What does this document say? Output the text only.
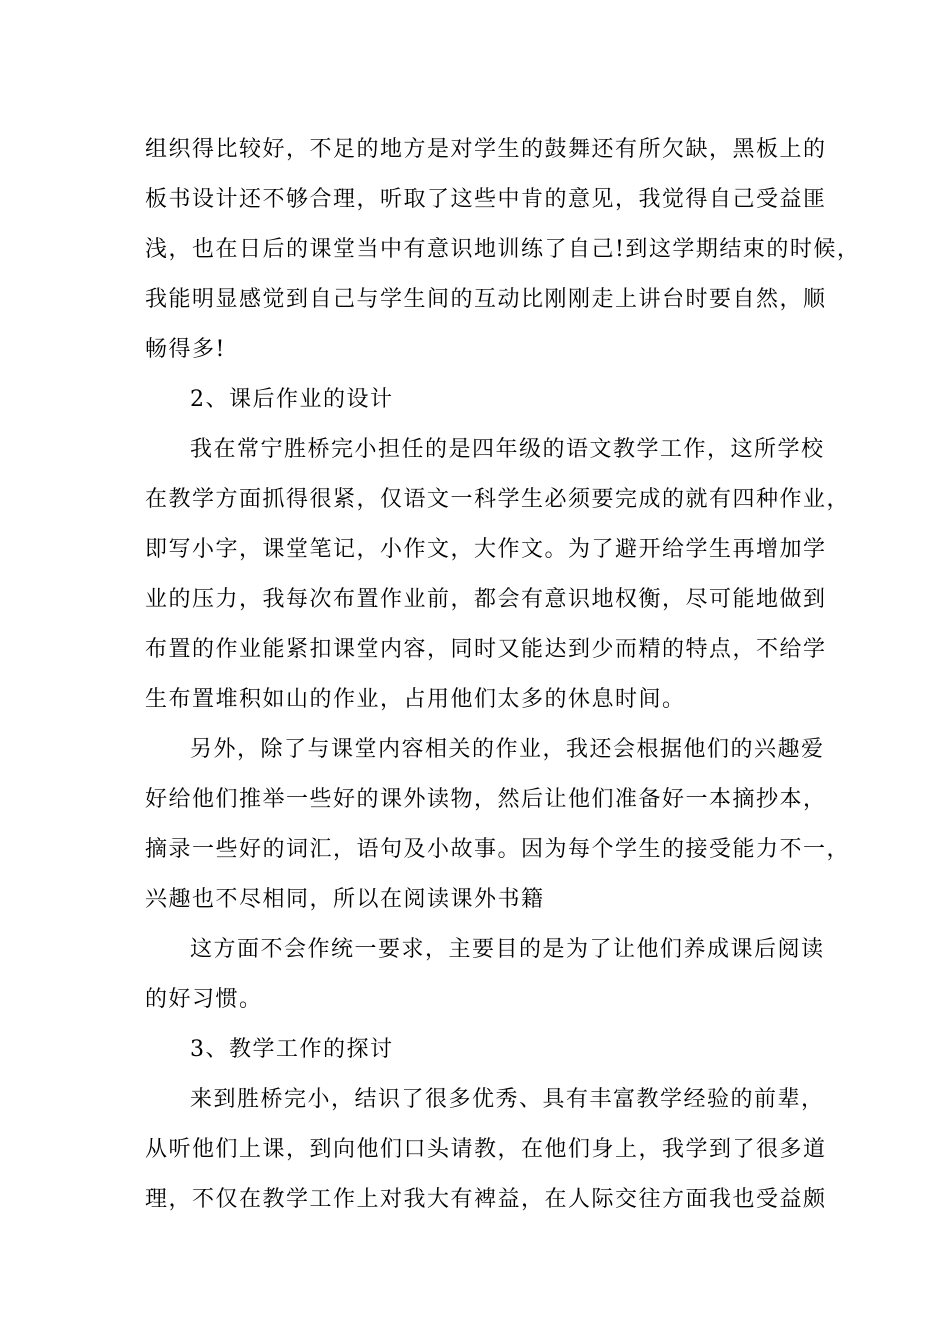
组织得比较好，不足的地方是对学生的鼓舞还有所欠缺，黑板上的
板书设计还不够合理，听取了这些中肯的意见，我觉得自己受益匪
浅，也在日后的课堂当中有意识地训练了自己!到这学期结束的时候，
我能明显感觉到自己与学生间的互动比刚刚走上讲台时要自然，顺
畅得多!
2、课后作业的设计
我在常宁胜桥完小担任的是四年级的语文教学工作，这所学校
在教学方面抓得很紧，仅语文一科学生必须要完成的就有四种作业，
即写小字，课堂笔记，小作文，大作文。为了避开给学生再增加学
业的压力，我每次布置作业前，都会有意识地权衡，尽可能地做到
布置的作业能紧扣课堂内容，同时又能达到少而精的特点，不给学
生布置堆积如山的作业，占用他们太多的休息时间。
另外，除了与课堂内容相关的作业，我还会根据他们的兴趣爱
好给他们推举一些好的课外读物，然后让他们准备好一本摘抄本，
摘录一些好的词汇，语句及小故事。因为每个学生的接受能力不一，
兴趣也不尽相同，所以在阅读课外书籍
这方面不会作统一要求，主要目的是为了让他们养成课后阅读
的好习惯。
3、教学工作的探讨
来到胜桥完小，结识了很多优秀、具有丰富教学经验的前辈，
从听他们上课，到向他们口头请教，在他们身上，我学到了很多道
理，不仅在教学工作上对我大有裨益，在人际交往方面我也受益颇
